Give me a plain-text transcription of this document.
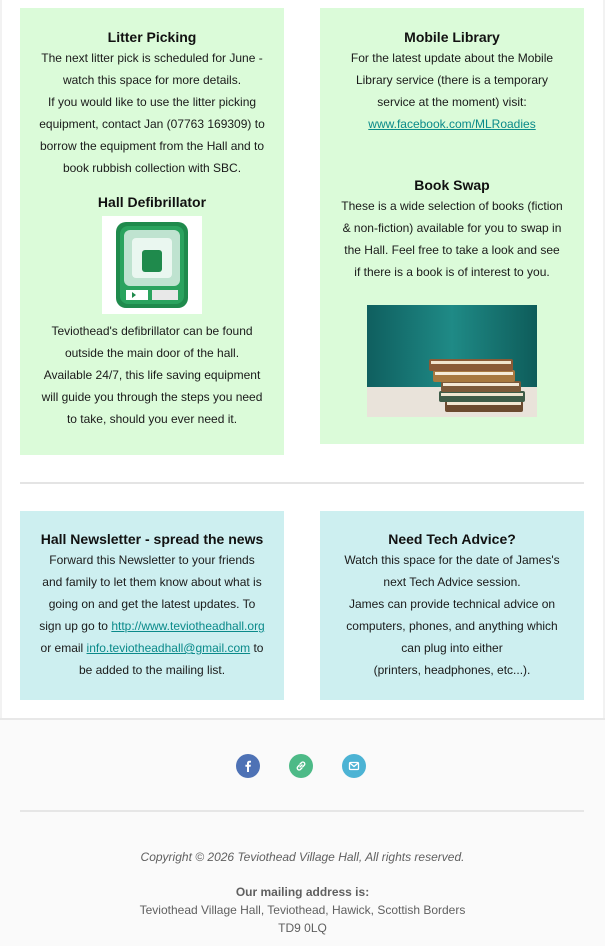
Litter Picking

The next litter pick is scheduled for June -

watch this space for more details.

If you would like to use the litter picking

equipment, contact Jan (07763 169309) to

borrow the equipment from the Hall and to

book rubbish collection with SBC.

Hall Defibrillator

Teviothead's defibrillator can be found

outside the main door of the hall.

Available 24/7, this life saving equipment

will guide you through the steps you need

to take, should you ever need it.

Mobile Library

For the latest update about the Mobile

Library service (there is a temporary

service at the moment) visit:

www.facebook.com/MLRoadies

Book Swap

These is a wide selection of books (fiction

& non-fiction) available for you to swap in

the Hall. Feel free to take a look and see

if there is a book is of interest to you.

Hall Newsletter - spread the news

Forward this Newsletter to your friends

and family to let them know about what is

going on and get the latest updates. To

sign up go to http://www.teviotheadhall.org

or email info.teviotheadhall@gmail.com to

be added to the mailing list.

Need Tech Advice?

Watch this space for the date of James's

next Tech Advice session.

James can provide technical advice on

computers, phones, and anything which

can plug into either

(printers, headphones, etc...).

Copyright © 2026 Teviothead Village Hall, All rights reserved.
Our mailing address is:
Teviothead Village Hall, Teviothead, Hawick, Scottish Borders
TD9 0LQ
